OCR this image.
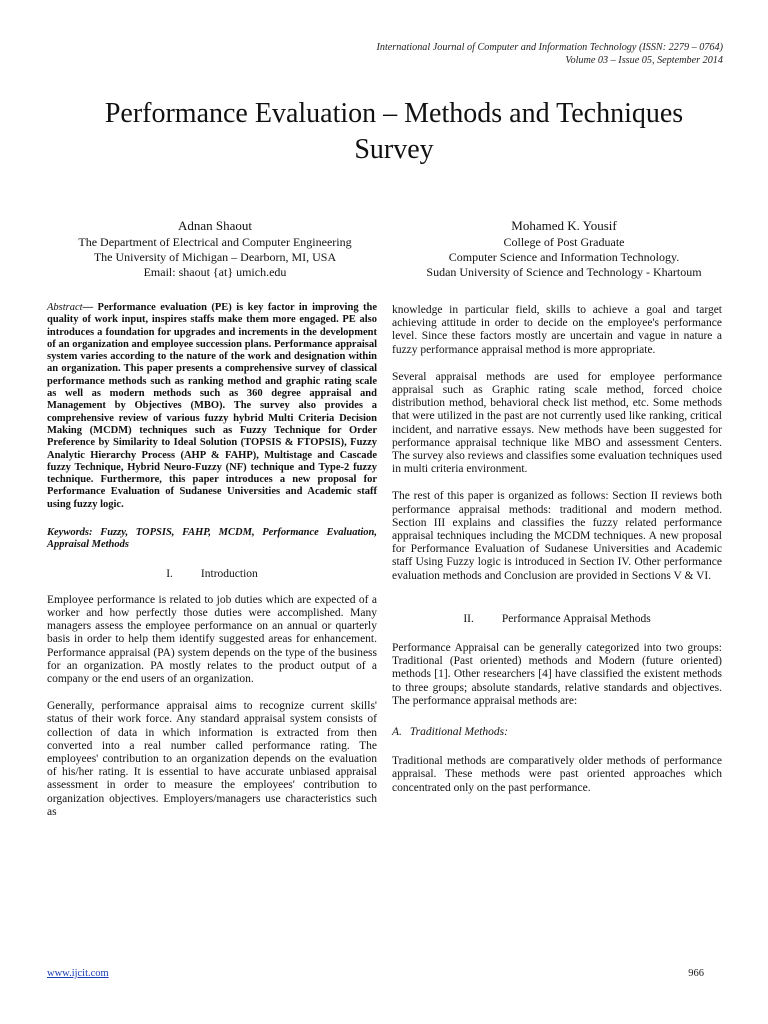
International Journal of Computer and Information Technology (ISSN: 2279 – 0764)
Volume 03 – Issue 05, September 2014
Performance Evaluation – Methods and Techniques
Survey
Adnan Shaout
The Department of Electrical and Computer Engineering
The University of Michigan – Dearborn, MI, USA
Email: shaout {at} umich.edu
Mohamed K. Yousif
College of Post Graduate
Computer Science and Information Technology.
Sudan University of Science and Technology - Khartoum
Abstract— Performance evaluation (PE) is key factor in improving the quality of work input, inspires staffs make them more engaged. PE also introduces a foundation for upgrades and increments in the development of an organization and employee succession plans. Performance appraisal system varies according to the nature of the work and designation within an organization. This paper presents a comprehensive survey of classical performance methods such as ranking method and graphic rating scale as well as modern methods such as 360 degree appraisal and Management by Objectives (MBO). The survey also provides a comprehensive review of various fuzzy hybrid Multi Criteria Decision Making (MCDM) techniques such as Fuzzy Technique for Order Preference by Similarity to Ideal Solution (TOPSIS & FTOPSIS), Fuzzy Analytic Hierarchy Process (AHP & FAHP), Multistage and Cascade fuzzy Technique, Hybrid Neuro-Fuzzy (NF) technique and Type-2 fuzzy technique. Furthermore, this paper introduces a new proposal for Performance Evaluation of Sudanese Universities and Academic staff using fuzzy logic.
Keywords: Fuzzy, TOPSIS, FAHP, MCDM, Performance Evaluation, Appraisal Methods
I. Introduction

Employee performance is related to job duties which are expected of a worker and how perfectly those duties were accomplished. Many managers assess the employee performance on an annual or quarterly basis in order to help them identify suggested areas for enhancement. Performance appraisal (PA) system depends on the type of the business for an organization. PA mostly relates to the product output of a company or the end users of an organization.

Generally, performance appraisal aims to recognize current skills' status of their work force. Any standard appraisal system consists of collection of data in which information is extracted from then converted into a real number called performance rating. The employees' contribution to an organization depends on the evaluation of his/her rating. It is essential to have accurate unbiased appraisal assessment in order to measure the employees' contribution to organization objectives. Employers/managers use characteristics such as

knowledge in particular field, skills to achieve a goal and target achieving attitude in order to decide on the employee's performance level. Since these factors mostly are uncertain and vague in nature a fuzzy performance appraisal method is more appropriate.

Several appraisal methods are used for employee performance appraisal such as Graphic rating scale method, forced choice distribution method, behavioral check list method, etc. Some methods that were utilized in the past are not currently used like ranking, critical incident, and narrative essays. New methods have been suggested for performance appraisal technique like MBO and assessment Centers. The survey also reviews and classifies some evaluation techniques used in multi criteria environment.

The rest of this paper is organized as follows: Section II reviews both performance appraisal methods: traditional and modern method. Section III explains and classifies the fuzzy related performance appraisal techniques including the MCDM techniques. A new proposal for Performance Evaluation of Sudanese Universities and Academic staff Using Fuzzy logic is introduced in Section IV. Other performance evaluation methods and Conclusion are provided in Sections V & VI.

II. Performance Appraisal Methods

Performance Appraisal can be generally categorized into two groups: Traditional (Past oriented) methods and Modern (future oriented) methods [1]. Other researchers [4] have classified the existent methods to three groups; absolute standards, relative standards and objectives. The performance appraisal methods are:

A. Traditional Methods:

Traditional methods are comparatively older methods of performance appraisal. These methods were past oriented approaches which concentrated only on the past performance.

www.ijcit.com	966
